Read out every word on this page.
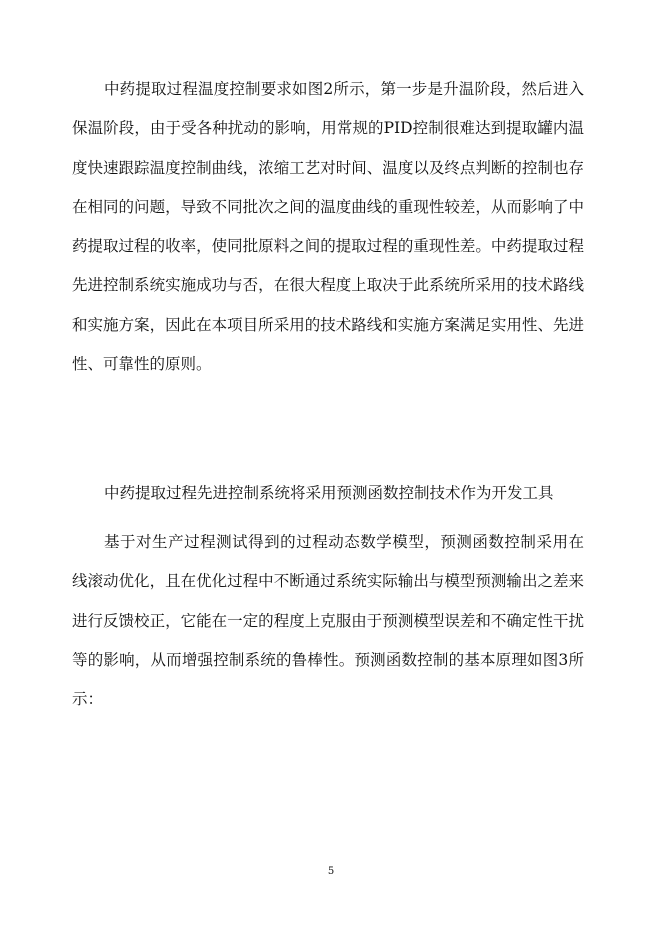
中药提取过程温度控制要求如图2所示，第一步是升温阶段，然后进入保温阶段，由于受各种扰动的影响，用常规的PID控制很难达到提取罐内温度快速跟踪温度控制曲线，浓缩工艺对时间、温度以及终点判断的控制也存在相同的问题，导致不同批次之间的温度曲线的重现性较差，从而影响了中药提取过程的收率，使同批原料之间的提取过程的重现性差。中药提取过程先进控制系统实施成功与否，在很大程度上取决于此系统所采用的技术路线和实施方案，因此在本项目所采用的技术路线和实施方案满足实用性、先进性、可靠性的原则。

中药提取过程先进控制系统将采用预测函数控制技术作为开发工具

基于对生产过程测试得到的过程动态数学模型，预测函数控制采用在线滚动优化，且在优化过程中不断通过系统实际输出与模型预测输出之差来进行反馈校正，它能在一定的程度上克服由于预测模型误差和不确定性干扰等的影响，从而增强控制系统的鲁棒性。预测函数控制的基本原理如图3所示：

5
